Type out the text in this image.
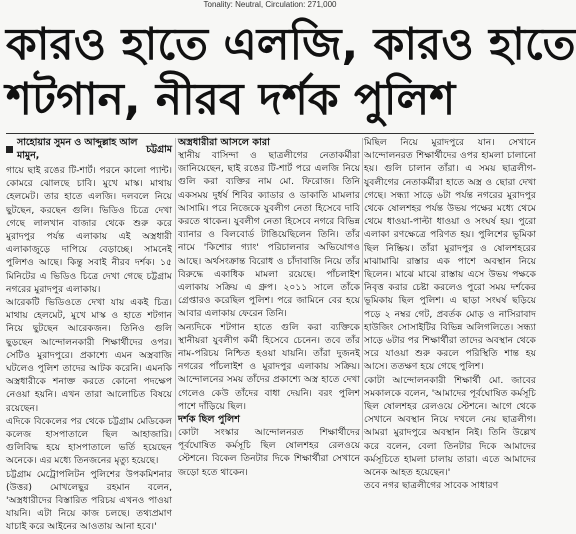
Tonality: Neutral, Circulation: 271,000
কারও হাতে এলজি, কারও হাতে
শটগান, নীরব দর্শক পুলিশ
সাহোয়ার সুমন ও আব্দুল্লাহ আল মামুন,

চট্টগ্রাম

গায়ে ছাই রঙের টি-শার্ট। পরনে কালো প্যান্ট। কোমরে ঝোলছে চাবি। মুখে মাস্ক। মাথায় হেলমেট। তার হাতে এলজি। দলবলে নিয়ে ছুটছেন, করছেন গুলি। ভিডিও চিত্রে দেখা গেছে লালখান বাজার থেকে শুরু করে মুরাদপুর পর্যন্ত এলাকায় এই অস্ত্রধারী এলাকাজুড়ে দাপিয়ে বেড়াচ্ছে। সামনেই পুলিশও আছে। কিন্তু সবাই নীরব দর্শক। ১৫ মিনিটের এ ভিডিও চিত্রে দেখা গেছে চট্টগ্রাম নগরের মুরাদপুর এলাকায়।

আরেকটি ভিডিওতে দেখা যায় একই চিত্র। মাথায় হেলমেট, মুখে মাস্ক ও হাতে শটগান নিয়ে ছুটছেন আরেকজন। তিনিও গুলি ছুড়ছেন আন্দোলনকারী শিক্ষার্থীদের ওপর। সেটিও মুরাদপুরে। প্রকাশ্যে এমন অস্ত্রবাজি ঘটলেও পুলিশ তাদের আটক করেনি। এমনকি অস্ত্রধারীকে শনাক্ত করতে কোনো পদক্ষেপ নেওয়া হয়নি। এখন তারা আলোচিত বিষয়ে রয়েছেন।

এদিকে বিকেলের পর থেকে চট্টগ্রাম মেডিকেল কলেজ হাসপাতালে ছিল আহাজারি। গুলিবিদ্ধ হয়ে হাসপাতালে ভর্তি হয়েছেন অনেকে। এর মধ্যে তিনজনের মৃত্যু হয়েছে।

চট্টগ্রাম মেট্রোপলিটন পুলিশের উপকমিশনার (উত্তর) মোখলেছুর রহমান বলেন, 'অস্ত্রধারীদের বিস্তারিত পরিচয় এখনও পাওয়া যায়নি। এটা নিয়ে কাজ চলছে। তথ্যপ্রমাণ যাচাই করে আইনের আওতায় আনা হবে।'

অস্ত্রধারীরা আসলে কারা

স্থানীয় বাসিন্দা ও ছাত্রলীগের নেতাকর্মীরা জানিয়েছেন, ছাই রঙের টি-শার্ট পরে এলজি নিয়ে গুলি করা ব্যক্তির নাম মো. ফিরোজ। তিনি একসময় দুর্ধর্ষ শিবির ক্যাডার ও ডাকাতি মামলার আসামি। পরে নিজেকে যুবলীগ নেতা হিসেবে দাবি করতে থাকেন। যুবলীগ নেতা হিসেবে নগরে বিভিন্ন ব্যানার ও বিলবোর্ড টাঙিয়েছিলেন তিনি। তাঁর নামে 'কিশোর গ্যাং' পরিচালনার অভিযোগও আছে। অর্থসংক্রান্ত বিরোধ ও চাঁদাবাজি নিয়ে তাঁর বিরুদ্ধে একাধিক মামলা রয়েছে। পাঁচলাইশ এলাকায় সক্রিয় এ গ্রুপ। ২০১১ সালে তাঁকে গ্রেপ্তারও করেছিল পুলিশ। পরে জামিনে বের হয়ে আবার এলাকায় ফেরেন তিনি।

অন্যদিকে শটগান হাতে গুলি করা ব্যক্তিকে স্থানীয়রা যুবলীগ কর্মী হিসেবে চেনেন। তবে তাঁর নাম-পরিচয় নিশ্চিত হওয়া যায়নি। তাঁরা দুজনই নগরের পাঁচলাইশ ও মুরাদপুর এলাকায় সক্রিয়। আন্দোলনের সময় তাঁদের প্রকাশ্যে অস্ত্র হাতে দেখা গেলেও কেউ তাঁদের বাধা দেয়নি। বরং পুলিশ পাশে দাঁড়িয়ে ছিল।

দর্শক ছিল পুলিশ

কোটা সংস্কার আন্দোলনরত শিক্ষার্থীদের পূর্বঘোষিত কর্মসূচি ছিল ষোলশহর রেলওয়ে স্টেশনে। বিকেল তিনটার দিকে শিক্ষার্থীরা সেখানে জড়ো হতে থাকেন।

মিছিল নিয়ে মুরাদপুরে যান। সেখানে আন্দোলনরত শিক্ষার্থীদের ওপর হামলা চালানো হয়। গুলি চালান তাঁরা। এ সময় ছাত্রলীগ-যুবলীগের নেতাকর্মীরা হাতে অস্ত্র ও ছোরা দেখা গেছে। সন্ধ্যা সাড়ে ৬টা পর্যন্ত নগরের মুরাদপুর থেকে ষোলশহর পর্যন্ত উভয় পক্ষের মধ্যে থেমে থেমে ধাওয়া-পাল্টা ধাওয়া ও সংঘর্ষ হয়। পুরো এলাকা রণক্ষেত্রে পরিণত হয়। পুলিশের ভূমিকা ছিল নিষ্ক্রিয়। তাঁরা মুরাদপুর ও ষোলশহরের মাঝামাঝি রাস্তার এক পাশে অবস্থান নিয়ে ছিলেন। মাঝে মাঝে রাস্তায় এসে উভয় পক্ষকে নিবৃত্ত করার চেষ্টা করলেও পুরো সময় দর্শকের ভূমিকায় ছিল পুলিশ। এ ছাড়া সংঘর্ষ ছড়িয়ে পড়ে ২ নম্বর গেট, প্রবর্তক মোড় ও নাসিরাবাদ হাউজিং সোসাইটির বিভিন্ন অলিগলিতে। সন্ধ্যা সাড়ে ৬টার পর শিক্ষার্থীরা তাদের অবস্থান থেকে সরে যাওয়া শুরু করলে পরিস্থিতি শান্ত হয় আসে। ততক্ষণ হয়ে গেছে পুলিশ।

কোটা আন্দোলনকারী শিক্ষার্থী মো. জাবের সমকালকে বলেন, 'আমাদের পূর্বঘোষিত কর্মসূচি ছিল ষোলশহর রেলওয়ে স্টেশনে। আগে থেকে সেখানে অবস্থান নিয়ে দখলে নেয় ছাত্রলীগ। আমরা মুরাদপুরে অবস্থান নিই। তিনি উল্লেখ করে বলেন, বেলা তিনটার দিকে আমাদের কর্মসূচিতে হামলা চালায় তারা। এতে আমাদের অনেক আহত হয়েছেন।'

তবে নগর ছাত্রলীগের সাবেক সাধারণ
